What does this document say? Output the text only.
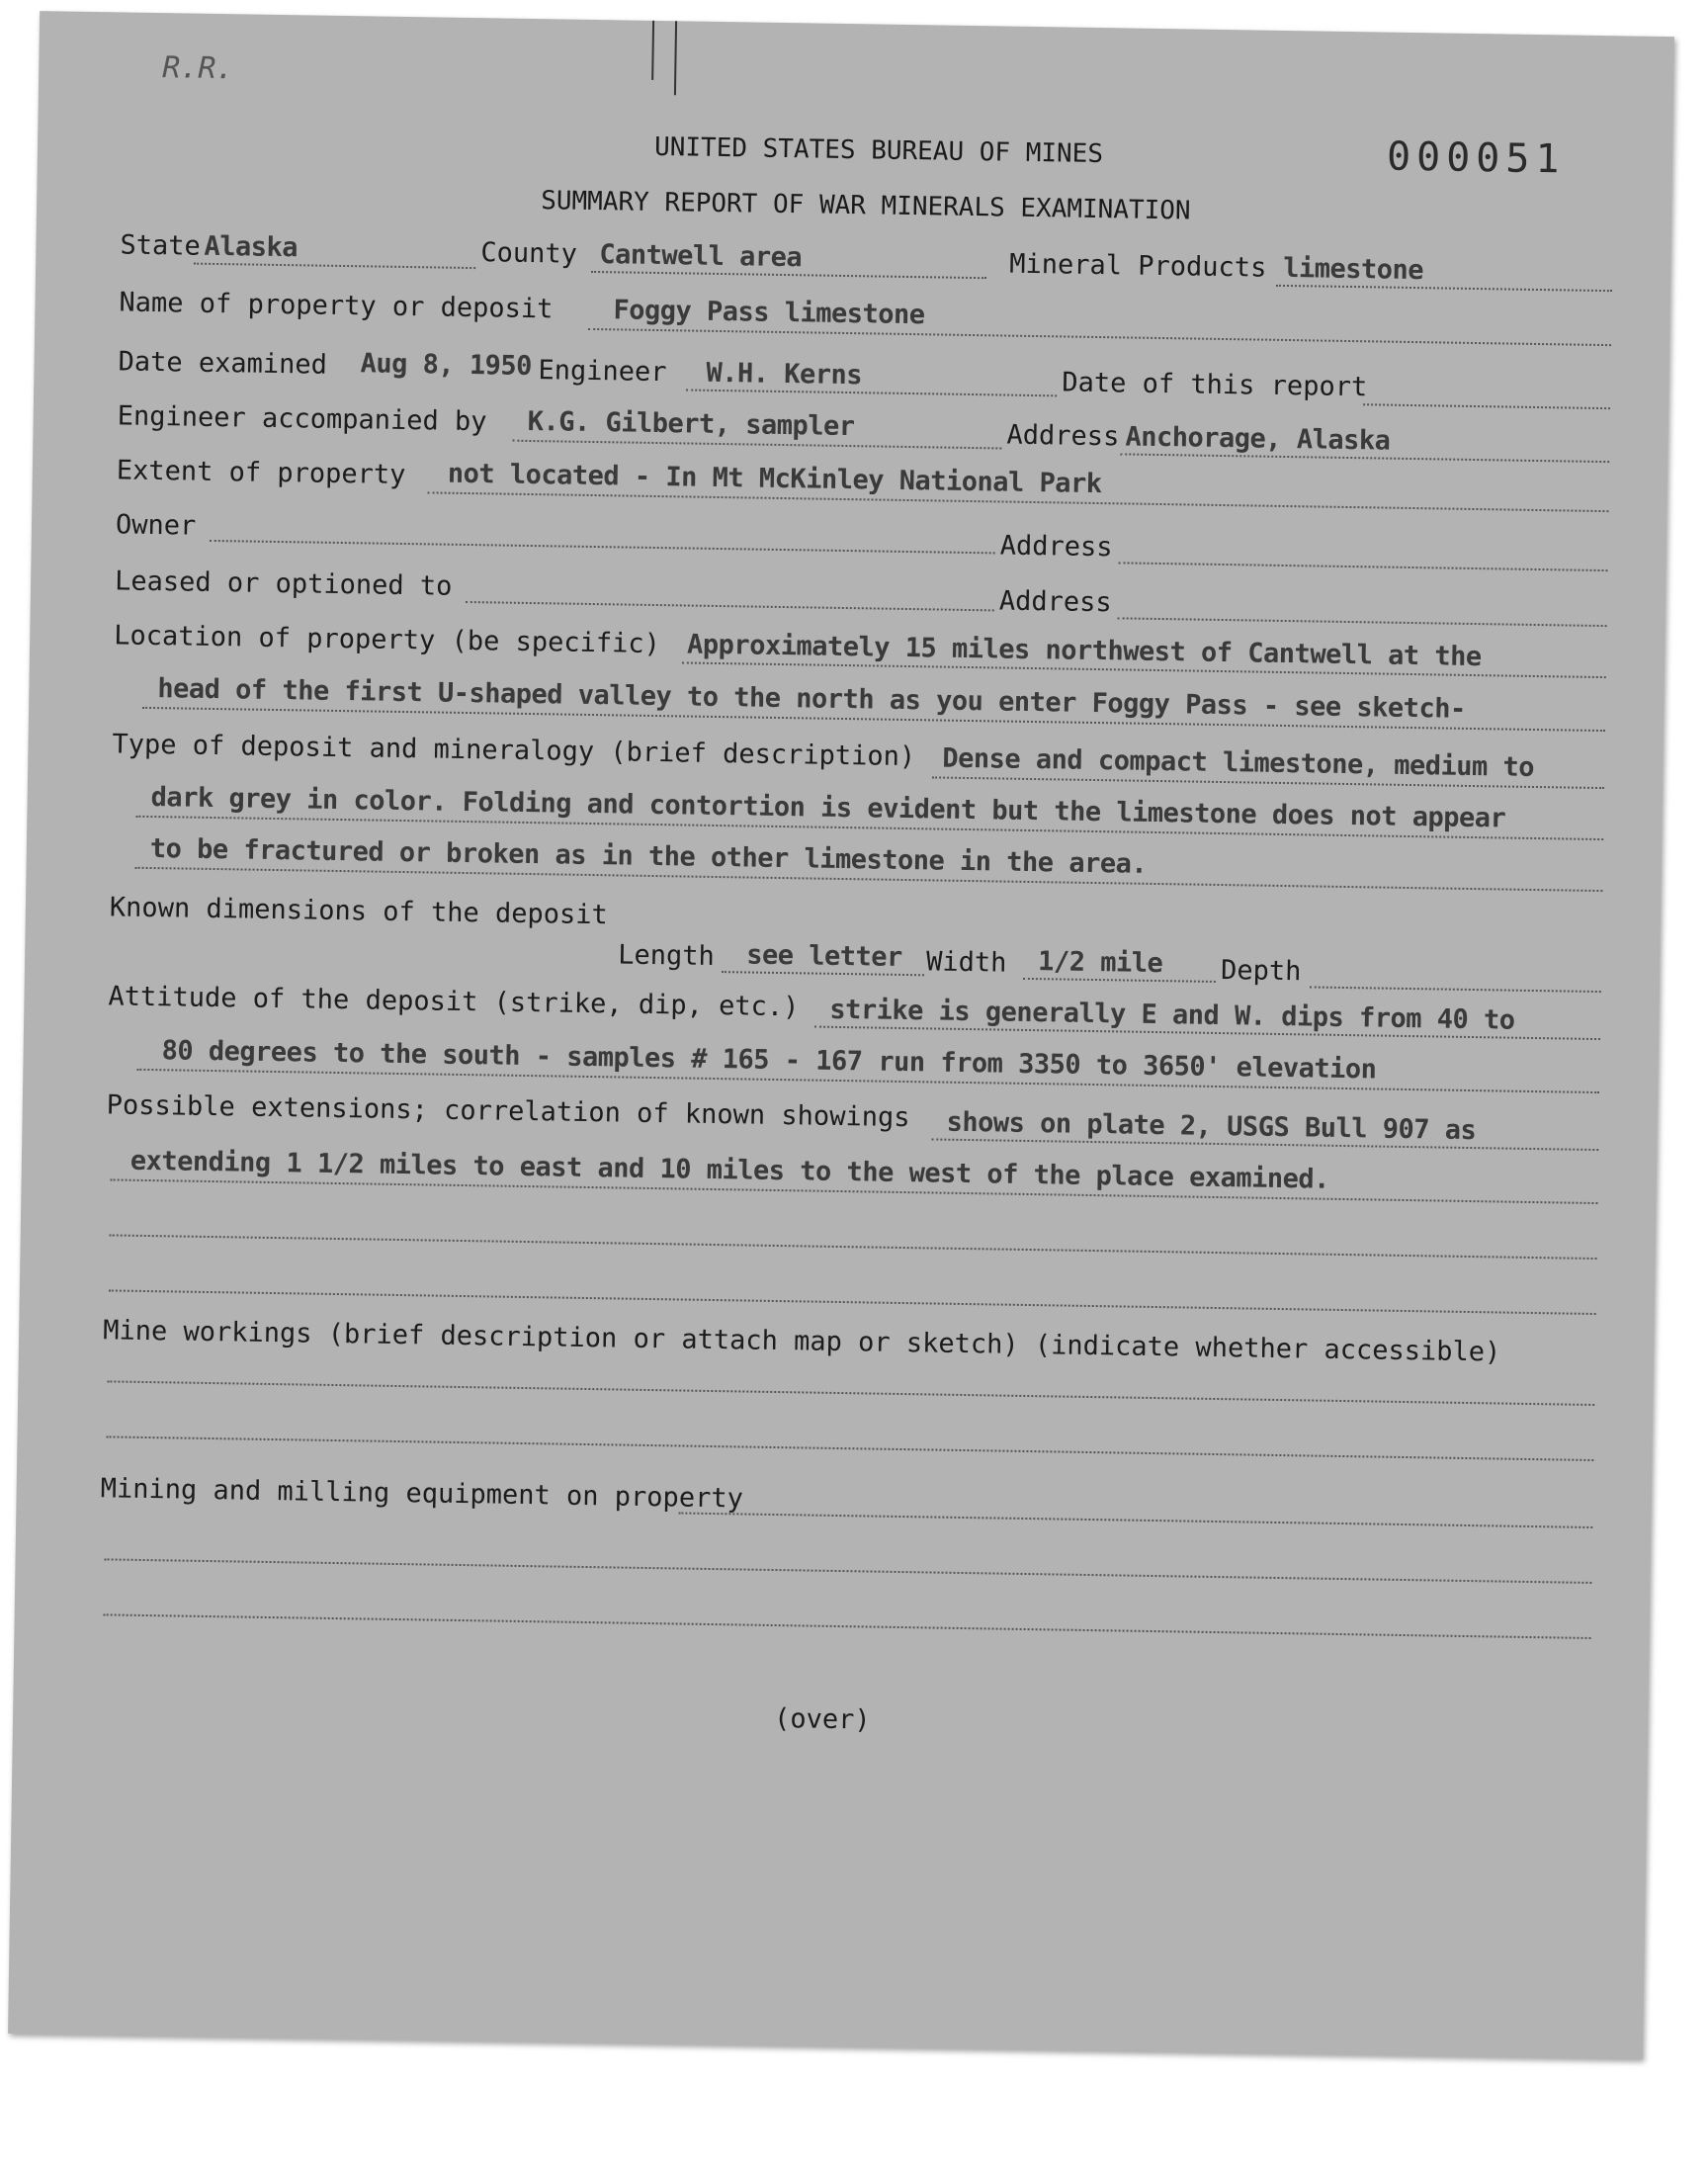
UNITED STATES BUREAU OF MINES
SUMMARY REPORT OF WAR MINERALS EXAMINATION
000051
R.R.
State Alaska	County Cantwell area	Mineral Products limestone
Name of property or deposit Foggy Pass limestone
Date examined Aug 8, 1950 Engineer W.H. Kerns	Date of this report
Engineer accompanied by K.G. Gilbert, sampler	Address Anchorage, Alaska
Extent of property not located - In Mt McKinley National Park
Owner
Address
Leased or optioned to
Address
Location of property (be specific) Approximately 15 miles northwest of Cantwell at the
head of the first U-shaped valley to the north as you enter Foggy Pass - see sketch-
Type of deposit and mineralogy (brief description) Dense and compact limestone, medium to
dark grey in color. Folding and contortion is evident but the limestone does not appear
to be fractured or broken as in the other limestone in the area.
Known dimensions of the deposit
Length see letter Width 1/2 mile Depth
Attitude of the deposit (strike, dip, etc.) strike is generally E and W. dips from 40 to
80 degrees to the south - samples # 165 - 167 run from 3350 to 3650' elevation
Possible extensions; correlation of known showings shows on plate 2, USGS Bull 907 as
extending 1 1/2 miles to east and 10 miles to the west of the place examined.
Mine workings (brief description or attach map or sketch) (indicate whether accessible)
Mining and milling equipment on property
(over)
